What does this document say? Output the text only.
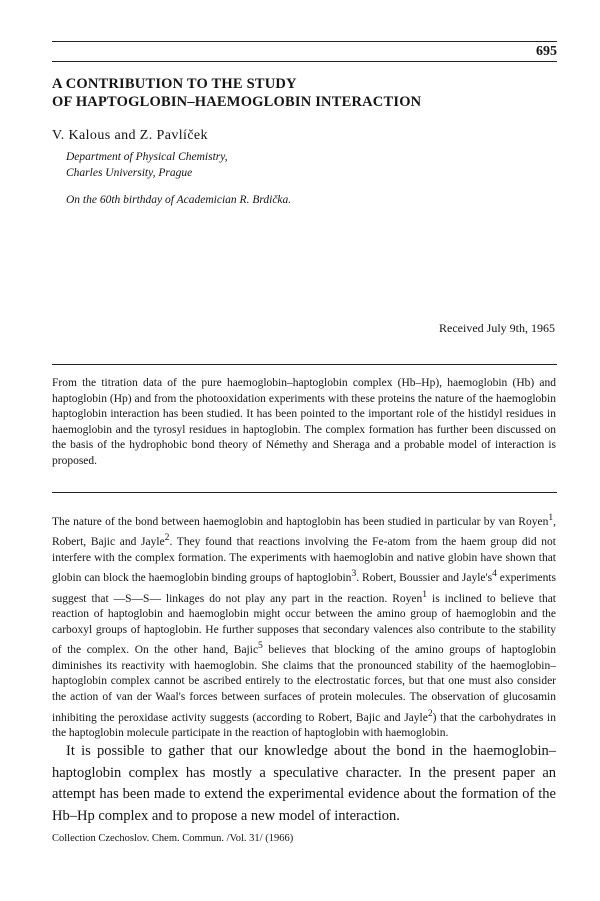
695
A CONTRIBUTION TO THE STUDY
OF HAPTOGLOBIN–HAEMOGLOBIN INTERACTION
V. Kalous and Z. Pavlíček
Department of Physical Chemistry,
Charles University, Prague
On the 60th birthday of Academician R. Brdička.
Received July 9th, 1965

From the titration data of the pure haemoglobin–haptoglobin complex (Hb–Hp), haemoglobin (Hb) and haptoglobin (Hp) and from the photooxidation experiments with these proteins the nature of the haemoglobin haptoglobin interaction has been studied. It has been pointed to the important role of the histidyl residues in haemoglobin and the tyrosyl residues in haptoglobin. The complex formation has further been discussed on the basis of the hydrophobic bond theory of Némethy and Sheraga and a probable model of interaction is proposed.

The nature of the bond between haemoglobin and haptoglobin has been studied in particular by van Royen$^1$, Robert, Bajic and Jayle$^2$. They found that reactions involving the Fe-atom from the haem group did not interfere with the complex formation. The experiments with haemoglobin and native globin have shown that globin can block the haemoglobin binding groups of haptoglobin$^3$. Robert, Boussier and $Jayle's^4$ experiments suggest that —S—S— linkages do not play any part in the reaction. Royen$^1$ is inclined to believe that reaction of haptoglobin and haemoglobin might occur between the amino group of haemoglobin and the carboxyl groups of haptoglobin. He further supposes that secondary valences also contribute to the stability of the complex. On the other hand, Bajic$^5$ believes that blocking of the amino groups of haptoglobin diminishes its reactivity with haemoglobin. She claims that the pronounced stability of the haemoglobin–haptoglobin complex cannot be ascribed entirely to the electrostatic forces, but that one must also consider the action of van der Waal's forces between surfaces of protein molecules. The observation of glucosamin inhibiting the peroxidase activity suggests (according to Robert, Bajic and Jayle$^2$) that the carbohydrates in the haptoglobin molecule participate in the reaction of haptoglobin with haemoglobin.

It is possible to gather that our knowledge about the bond in the haemoglobin–haptoglobin complex has mostly a speculative character. In the present paper an attempt has been made to extend the experimental evidence about the formation of the Hb–Hp complex and to propose a new model of interaction.

Collection Czechoslov. Chem. Commun. /Vol. 31/ (1966)
